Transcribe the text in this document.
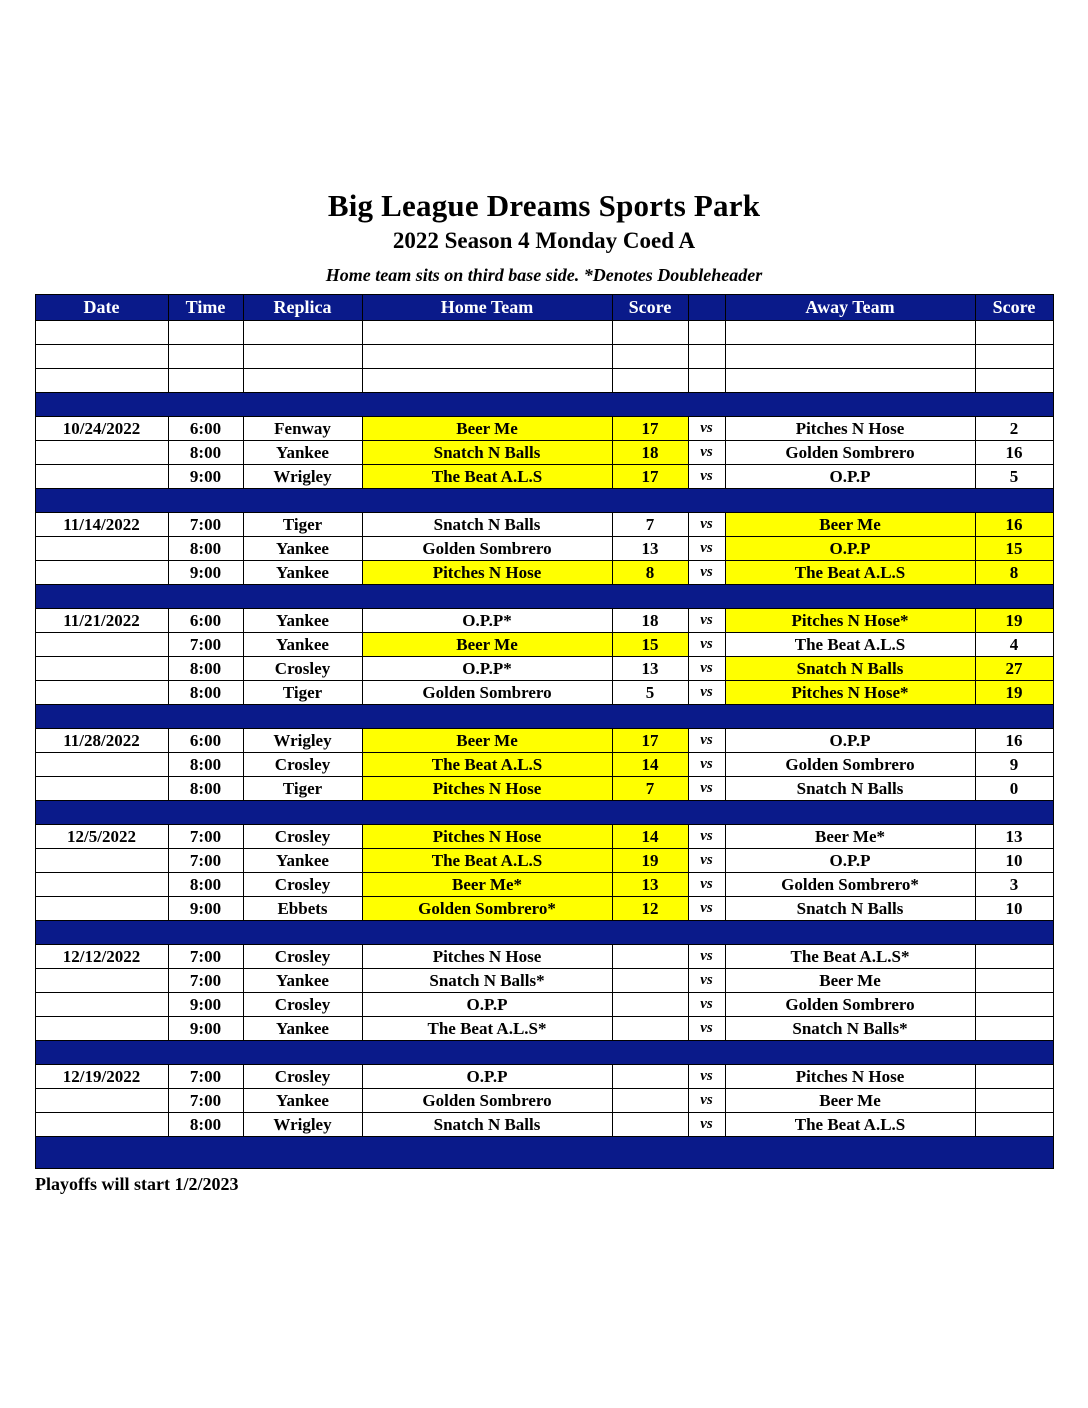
Big League Dreams Sports Park
2022 Season 4 Monday Coed A
Home team sits on third base side. *Denotes Doubleheader
Date	Time	Replica	Home Team	Score		Away Team	Score

10/24/2022	6:00	Fenway	Beer Me	17	vs	Pitches N Hose	2
	8:00	Yankee	Snatch N Balls	18	vs	Golden Sombrero	16
	9:00	Wrigley	The Beat A.L.S	17	vs	O.P.P	5

11/14/2022	7:00	Tiger	Snatch N Balls	7	vs	Beer Me	16
	8:00	Yankee	Golden Sombrero	13	vs	O.P.P	15
	9:00	Yankee	Pitches N Hose	8	vs	The Beat A.L.S	8

11/21/2022	6:00	Yankee	O.P.P*	18	vs	Pitches N Hose*	19
	7:00	Yankee	Beer Me	15	vs	The Beat A.L.S	4
	8:00	Crosley	O.P.P*	13	vs	Snatch N Balls	27
	8:00	Tiger	Golden Sombrero	5	vs	Pitches N Hose*	19

11/28/2022	6:00	Wrigley	Beer Me	17	vs	O.P.P	16
	8:00	Crosley	The Beat A.L.S	14	vs	Golden Sombrero	9
	8:00	Tiger	Pitches N Hose	7	vs	Snatch N Balls	0

12/5/2022	7:00	Crosley	Pitches N Hose	14	vs	Beer Me*	13
	7:00	Yankee	The Beat A.L.S	19	vs	O.P.P	10
	8:00	Crosley	Beer Me*	13	vs	Golden Sombrero*	3
	9:00	Ebbets	Golden Sombrero*	12	vs	Snatch N Balls	10

12/12/2022	7:00	Crosley	Pitches N Hose		vs	The Beat A.L.S*	
	7:00	Yankee	Snatch N Balls*		vs	Beer Me	
	9:00	Crosley	O.P.P		vs	Golden Sombrero	
	9:00	Yankee	The Beat A.L.S*		vs	Snatch N Balls*	

12/19/2022	7:00	Crosley	O.P.P		vs	Pitches N Hose	
	7:00	Yankee	Golden Sombrero		vs	Beer Me	
	8:00	Wrigley	Snatch N Balls		vs	The Beat A.L.S	

Playoffs will start 1/2/2023
